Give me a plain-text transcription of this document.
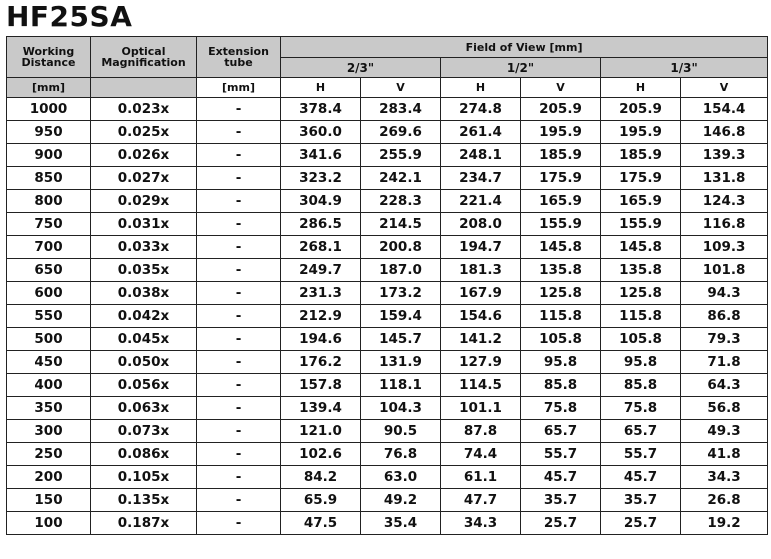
HF25SA
Working Distance	Optical Magnification	Extension tube	Field of View [mm]					
			2/3"		1/2"		1/3"	
[mm]		[mm]	H	V	H	V	H	V
1000	0.023x	-	378.4	283.4	274.8	205.9	205.9	154.4
950	0.025x	-	360.0	269.6	261.4	195.9	195.9	146.8
900	0.026x	-	341.6	255.9	248.1	185.9	185.9	139.3
850	0.027x	-	323.2	242.1	234.7	175.9	175.9	131.8
800	0.029x	-	304.9	228.3	221.4	165.9	165.9	124.3
750	0.031x	-	286.5	214.5	208.0	155.9	155.9	116.8
700	0.033x	-	268.1	200.8	194.7	145.8	145.8	109.3
650	0.035x	-	249.7	187.0	181.3	135.8	135.8	101.8
600	0.038x	-	231.3	173.2	167.9	125.8	125.8	94.3
550	0.042x	-	212.9	159.4	154.6	115.8	115.8	86.8
500	0.045x	-	194.6	145.7	141.2	105.8	105.8	79.3
450	0.050x	-	176.2	131.9	127.9	95.8	95.8	71.8
400	0.056x	-	157.8	118.1	114.5	85.8	85.8	64.3
350	0.063x	-	139.4	104.3	101.1	75.8	75.8	56.8
300	0.073x	-	121.0	90.5	87.8	65.7	65.7	49.3
250	0.086x	-	102.6	76.8	74.4	55.7	55.7	41.8
200	0.105x	-	84.2	63.0	61.1	45.7	45.7	34.3
150	0.135x	-	65.9	49.2	47.7	35.7	35.7	26.8
100	0.187x	-	47.5	35.4	34.3	25.7	25.7	19.2
